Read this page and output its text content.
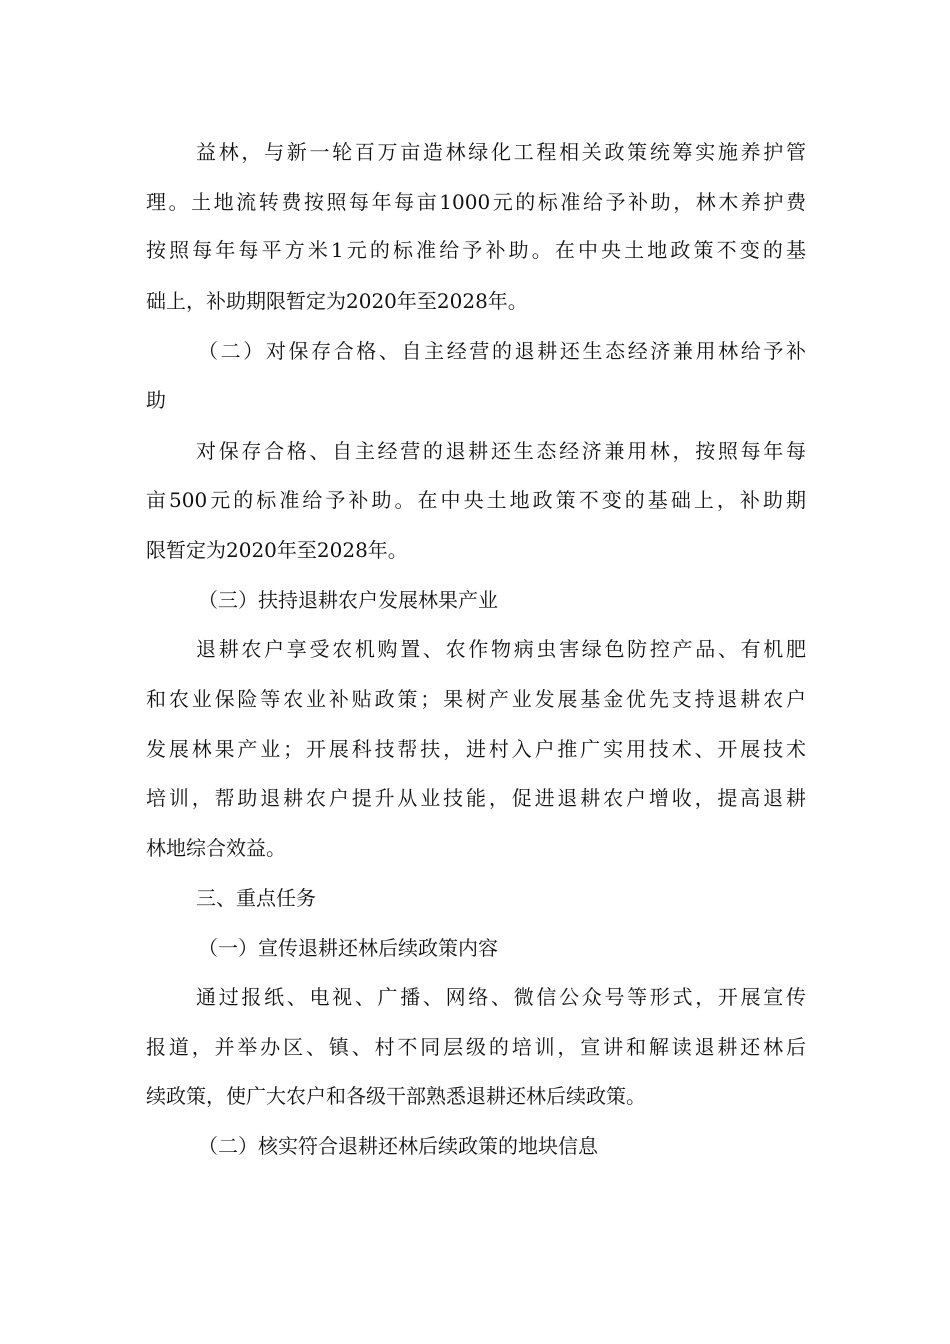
益林，与新一轮百万亩造林绿化工程相关政策统筹实施养护管
理。土地流转费按照每年每亩1000元的标准给予补助，林木养护费
按照每年每平方米1元的标准给予补助。在中央土地政策不变的基
础上，补助期限暂定为2020年至2028年。
（二）对保存合格、自主经营的退耕还生态经济兼用林给予补
助
对保存合格、自主经营的退耕还生态经济兼用林，按照每年每
亩500元的标准给予补助。在中央土地政策不变的基础上，补助期
限暂定为2020年至2028年。
（三）扶持退耕农户发展林果产业
退耕农户享受农机购置、农作物病虫害绿色防控产品、有机肥
和农业保险等农业补贴政策；果树产业发展基金优先支持退耕农户
发展林果产业；开展科技帮扶，进村入户推广实用技术、开展技术
培训，帮助退耕农户提升从业技能，促进退耕农户增收，提高退耕
林地综合效益。
三、重点任务
（一）宣传退耕还林后续政策内容
通过报纸、电视、广播、网络、微信公众号等形式，开展宣传
报道，并举办区、镇、村不同层级的培训，宣讲和解读退耕还林后
续政策，使广大农户和各级干部熟悉退耕还林后续政策。
（二）核实符合退耕还林后续政策的地块信息
